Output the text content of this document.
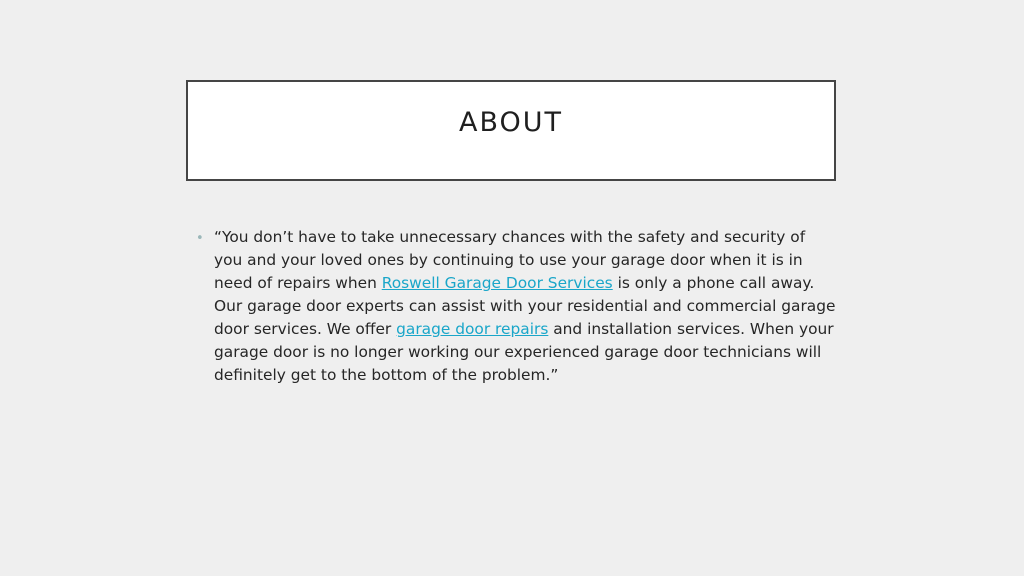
ABOUT
• “You don’t have to take unnecessary chances with the safety and security of you and your loved ones by continuing to use your garage door when it is in need of repairs when Roswell Garage Door Services is only a phone call away. Our garage door experts can assist with your residential and commercial garage door services. We offer garage door repairs and installation services. When your garage door is no longer working our experienced garage door technicians will definitely get to the bottom of the problem.”
